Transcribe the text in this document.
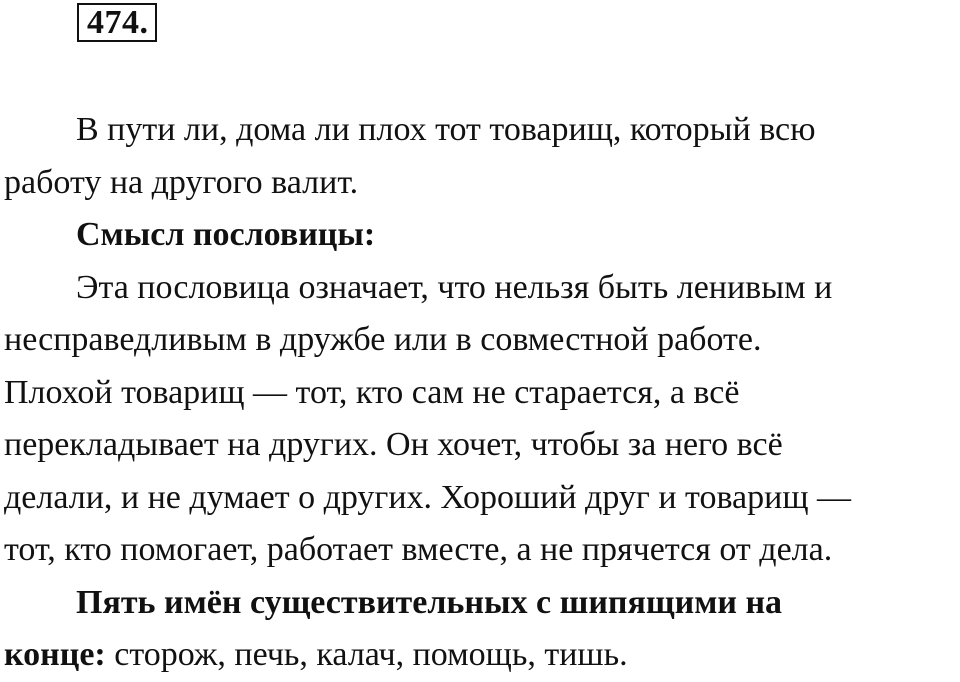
474.
В пути ли, дома ли плох тот товарищ, который всю
работу на другого валит.
Смысл пословицы:
Эта пословица означает, что нельзя быть ленивым и
несправедливым в дружбе или в совместной работе.
Плохой товарищ — тот, кто сам не старается, а всё
перекладывает на других. Он хочет, чтобы за него всё
делали, и не думает о других. Хороший друг и товарищ —
тот, кто помогает, работает вместе, а не прячется от дела.
Пять имён существительных с шипящими на
конце: сторож, печь, калач, помощь, тишь.
